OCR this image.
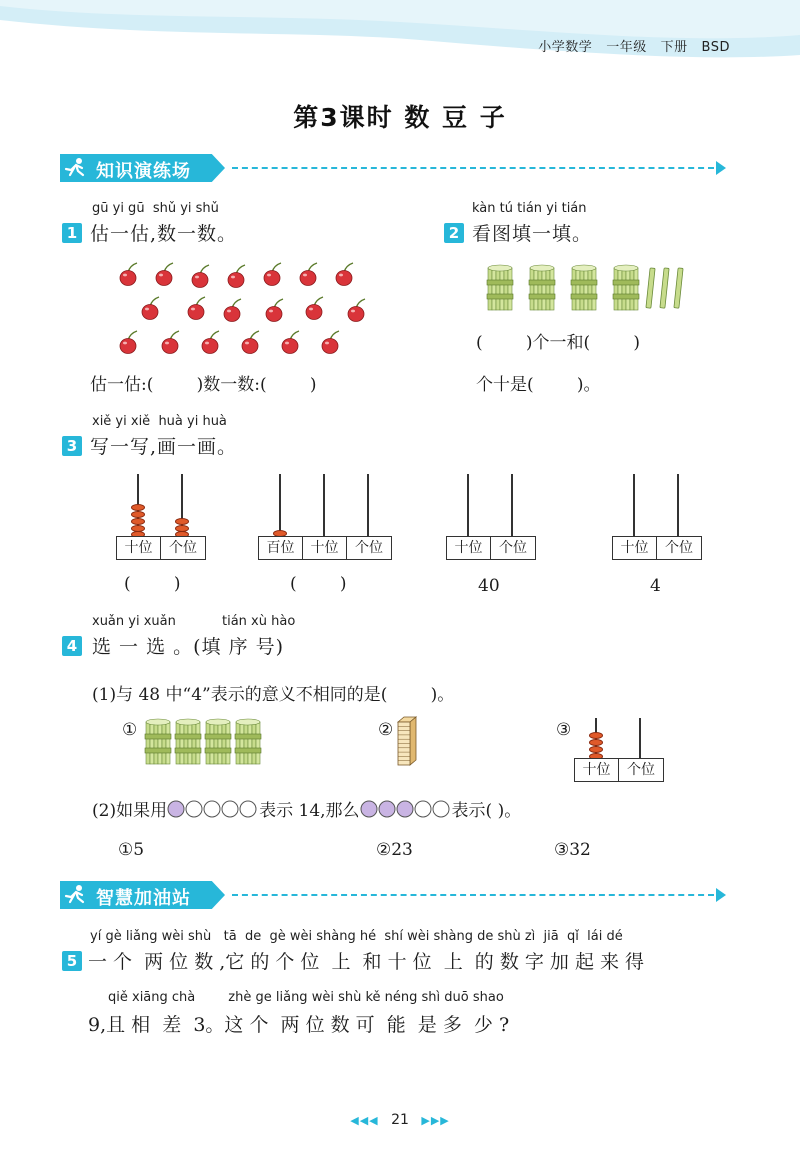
小学数学 一年级 下册 BSD
第3课时 数 豆 子
知识演练场
gū yi gū  shǔ yi shǔ
1 估一估,数一数。
估一估:(        )数一数:(        )
kàn tú tián yi tián
2 看图填一填。
(        )个一和(        )
个十是(        )。
xiě yi xiě  huà yi huà
3 写一写,画一画。
十位	个位	百位	十位	个位	十位	个位	十位	个位
(        )	(        )	40	4
xuǎn yi xuǎn	tián xù hào
4 选 一 选 。(填 序 号)
(1)与 48 中“4”表示的意义不相同的是(        )。
①	②	③
十位	个位
(2)如果用	表示 14,那么	表示( )。
①5	②23	③32
智慧加油站
yí gè liǎng wèi shù   tā  de  gè wèi shàng hé  shí wèi shàng de shù zì  jiā  qǐ  lái dé
5 一 个  两 位 数 ,它 的 个 位  上  和 十 位  上  的 数 字 加 起 来 得
qiě xiāng chà        zhè ge liǎng wèi shù kě néng shì duō shao
9,且 相  差  3。这 个  两 位 数 可  能  是 多  少 ?
◀◀◀ 21 ▶▶▶
